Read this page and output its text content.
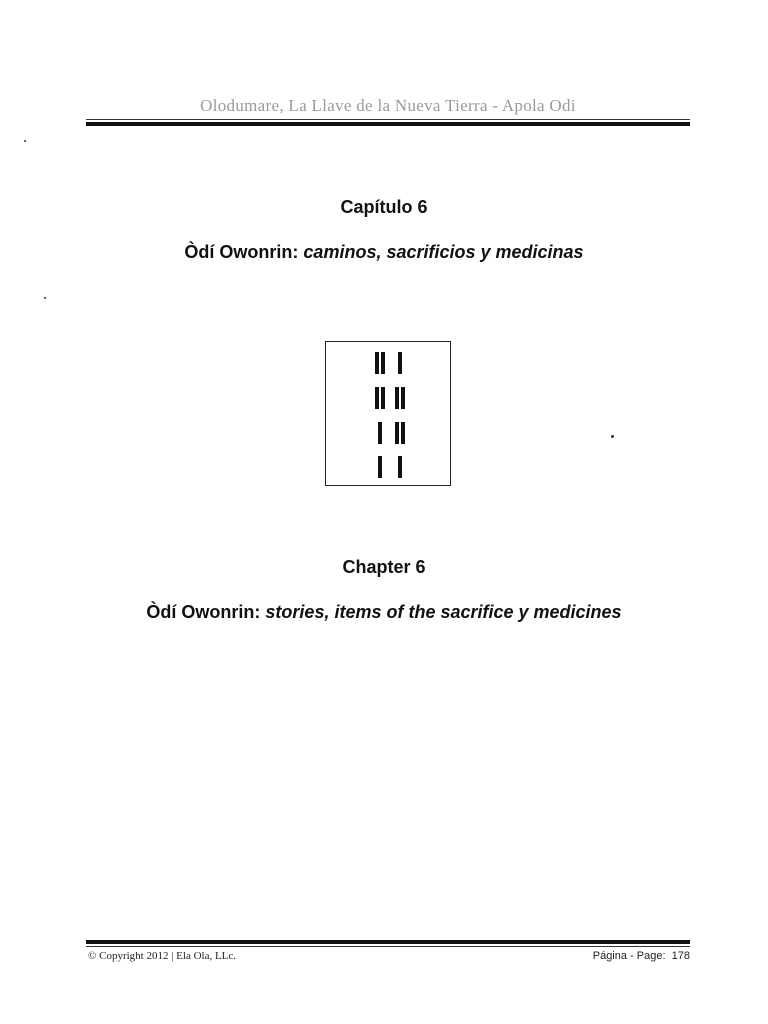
Olodumare, La Llave de la Nueva Tierra - Apola Odi
Capítulo 6
Òdí Owonrin: caminos, sacrificios y medicinas
Chapter 6
Òdí Owonrin: stories, items of the sacrifice y medicines
© Copyright 2012 | Ela Ola, LLc.	Página - Page: 178
